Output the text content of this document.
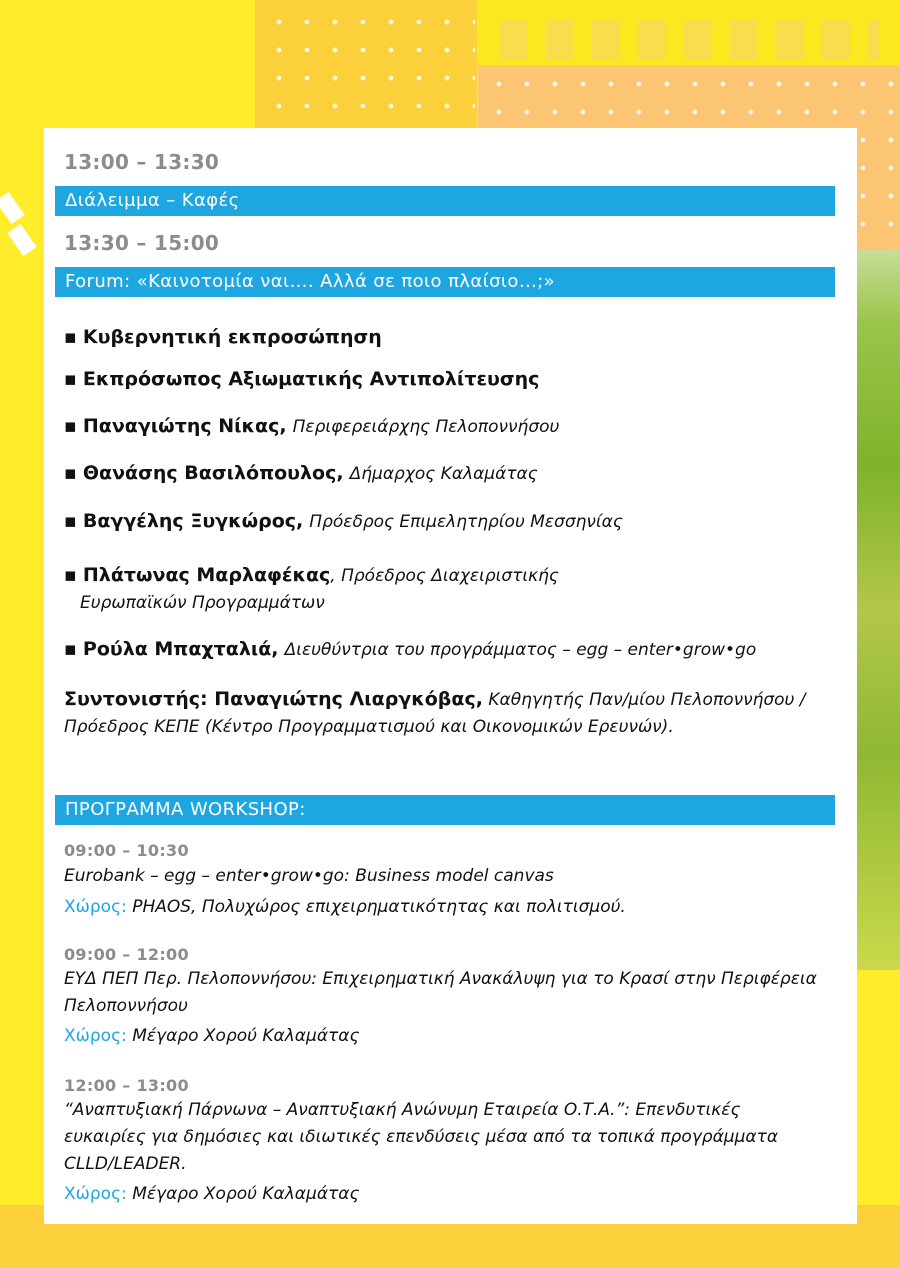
13:00 – 13:30
Διάλειμμα – Καφές
13:30 – 15:00
Forum: «Καινοτομία ναι…. Αλλά σε ποιο πλαίσιο…;»
▪ Κυβερνητική εκπροσώπηση
▪ Εκπρόσωπος Αξιωματικής Αντιπολίτευσης
▪ Παναγιώτης Νίκας, Περιφερειάρχης Πελοποννήσου
▪ Θανάσης Βασιλόπουλος, Δήμαρχος Καλαμάτας
▪ Βαγγέλης Ξυγκώρος, Πρόεδρος Επιμελητηρίου Μεσσηνίας
▪ Πλάτωνας Μαρλαφέκας, Πρόεδρος Διαχειριστικής
Ευρωπαϊκών Προγραμμάτων
▪ Ρούλα Μπαχταλιά, Διευθύντρια του προγράμματος – egg – enter•grow•go
Συντονιστής: Παναγιώτης Λιαργκόβας, Καθηγητής Παν/μίου Πελοποννήσου / Πρόεδρος ΚΕΠΕ (Κέντρο Προγραμματισμού και Οικονομικών Ερευνών).
ΠΡΟΓΡΑΜΜΑ WORKSHOP:
09:00 – 10:30
Eurobank – egg – enter•grow•go: Business model canvas
Χώρος: PHAOS, Πολυχώρος επιχειρηματικότητας και πολιτισμού.
09:00 – 12:00
ΕΥΔ ΠΕΠ Περ. Πελοποννήσου: Επιχειρηματική Ανακάλυψη για το Κρασί στην Περιφέρεια Πελοποννήσου
Χώρος: Μέγαρο Χορού Καλαμάτας
12:00 – 13:00
“Αναπτυξιακή Πάρνωνα – Αναπτυξιακή Ανώνυμη Εταιρεία Ο.Τ.Α.”: Επενδυτικές ευκαιρίες για δημόσιες και ιδιωτικές επενδύσεις μέσα από τα τοπικά προγράμματα CLLD/LEADER.
Χώρος: Μέγαρο Χορού Καλαμάτας
